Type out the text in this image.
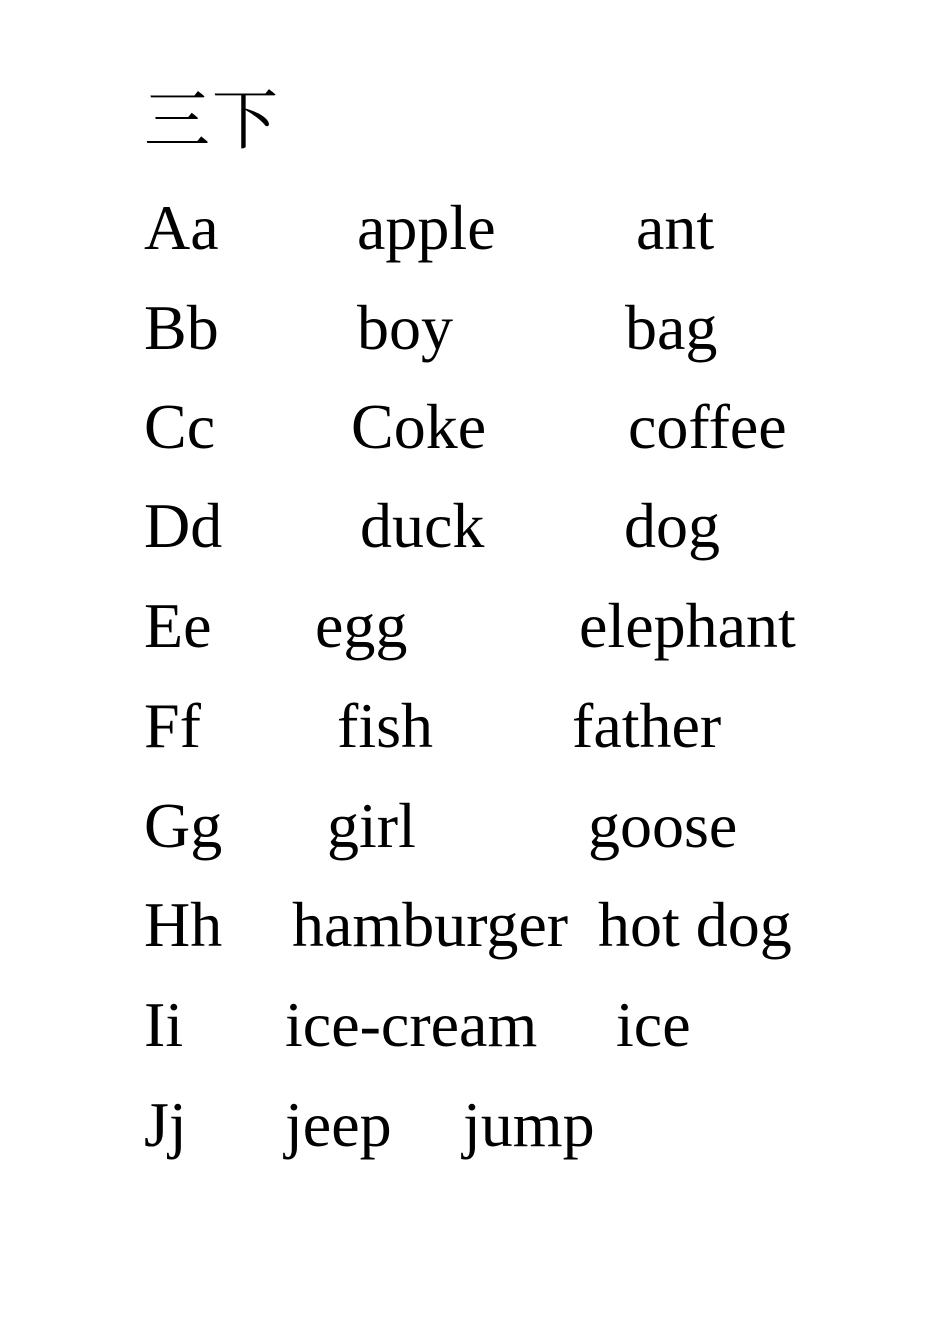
三下
Aa apple ant
Bb boy	bag
Cc Coke coffee
Dd duck dog
Ee egg	elephant
Ff fish father
Gg girl	goose
Hh hamburger hot dog
Ii ice-cream ice
Jj jeep jump
